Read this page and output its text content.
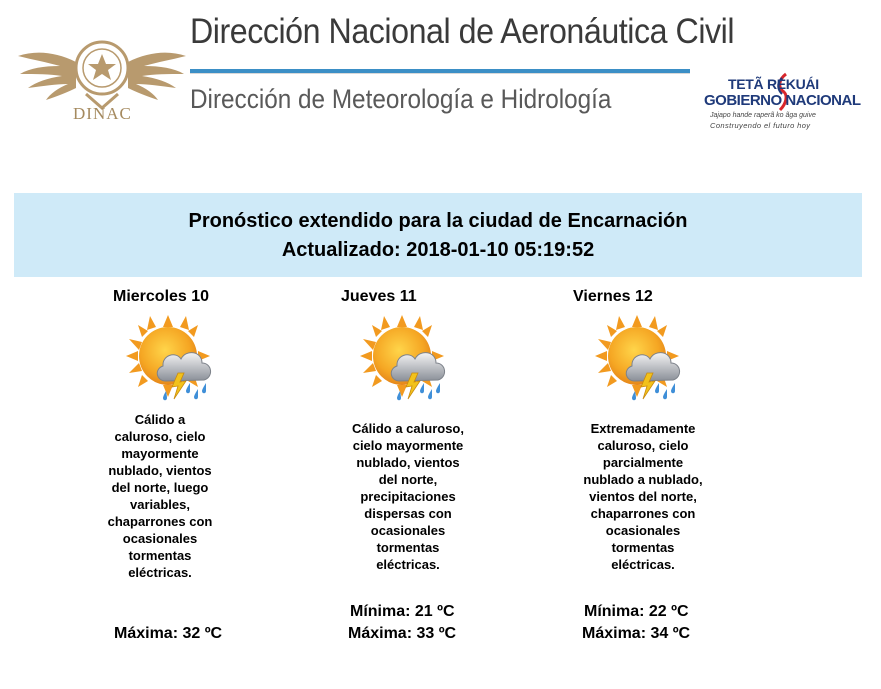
DINAC
Dirección Nacional de Aeronáutica Civil
Dirección de Meteorología e Hidrología	TETÃ REKUÁI
GOBIERNO NACIONAL
Jajapo hande raperã ko ãga guive
Construyendo el futuro hoy
Pronóstico extendido para la ciudad de Encarnación
Actualizado: 2018-01-10 05:19:52
Miercoles 10
Cálido a
caluroso, cielo
mayormente
nublado, vientos
del norte, luego
variables,
chaparrones con
ocasionales
tormentas
eléctricas.
Máxima: 32 ºC
Jueves 11
Cálido a caluroso,
cielo mayormente
nublado, vientos
del norte,
precipitaciones
dispersas con
ocasionales
tormentas
eléctricas.
Mínima: 21 ºC
Máxima: 33 ºC
Viernes 12
Extremadamente
caluroso, cielo
parcialmente
nublado a nublado,
vientos del norte,
chaparrones con
ocasionales
tormentas
eléctricas.
Mínima: 22 ºC
Máxima: 34 ºC
